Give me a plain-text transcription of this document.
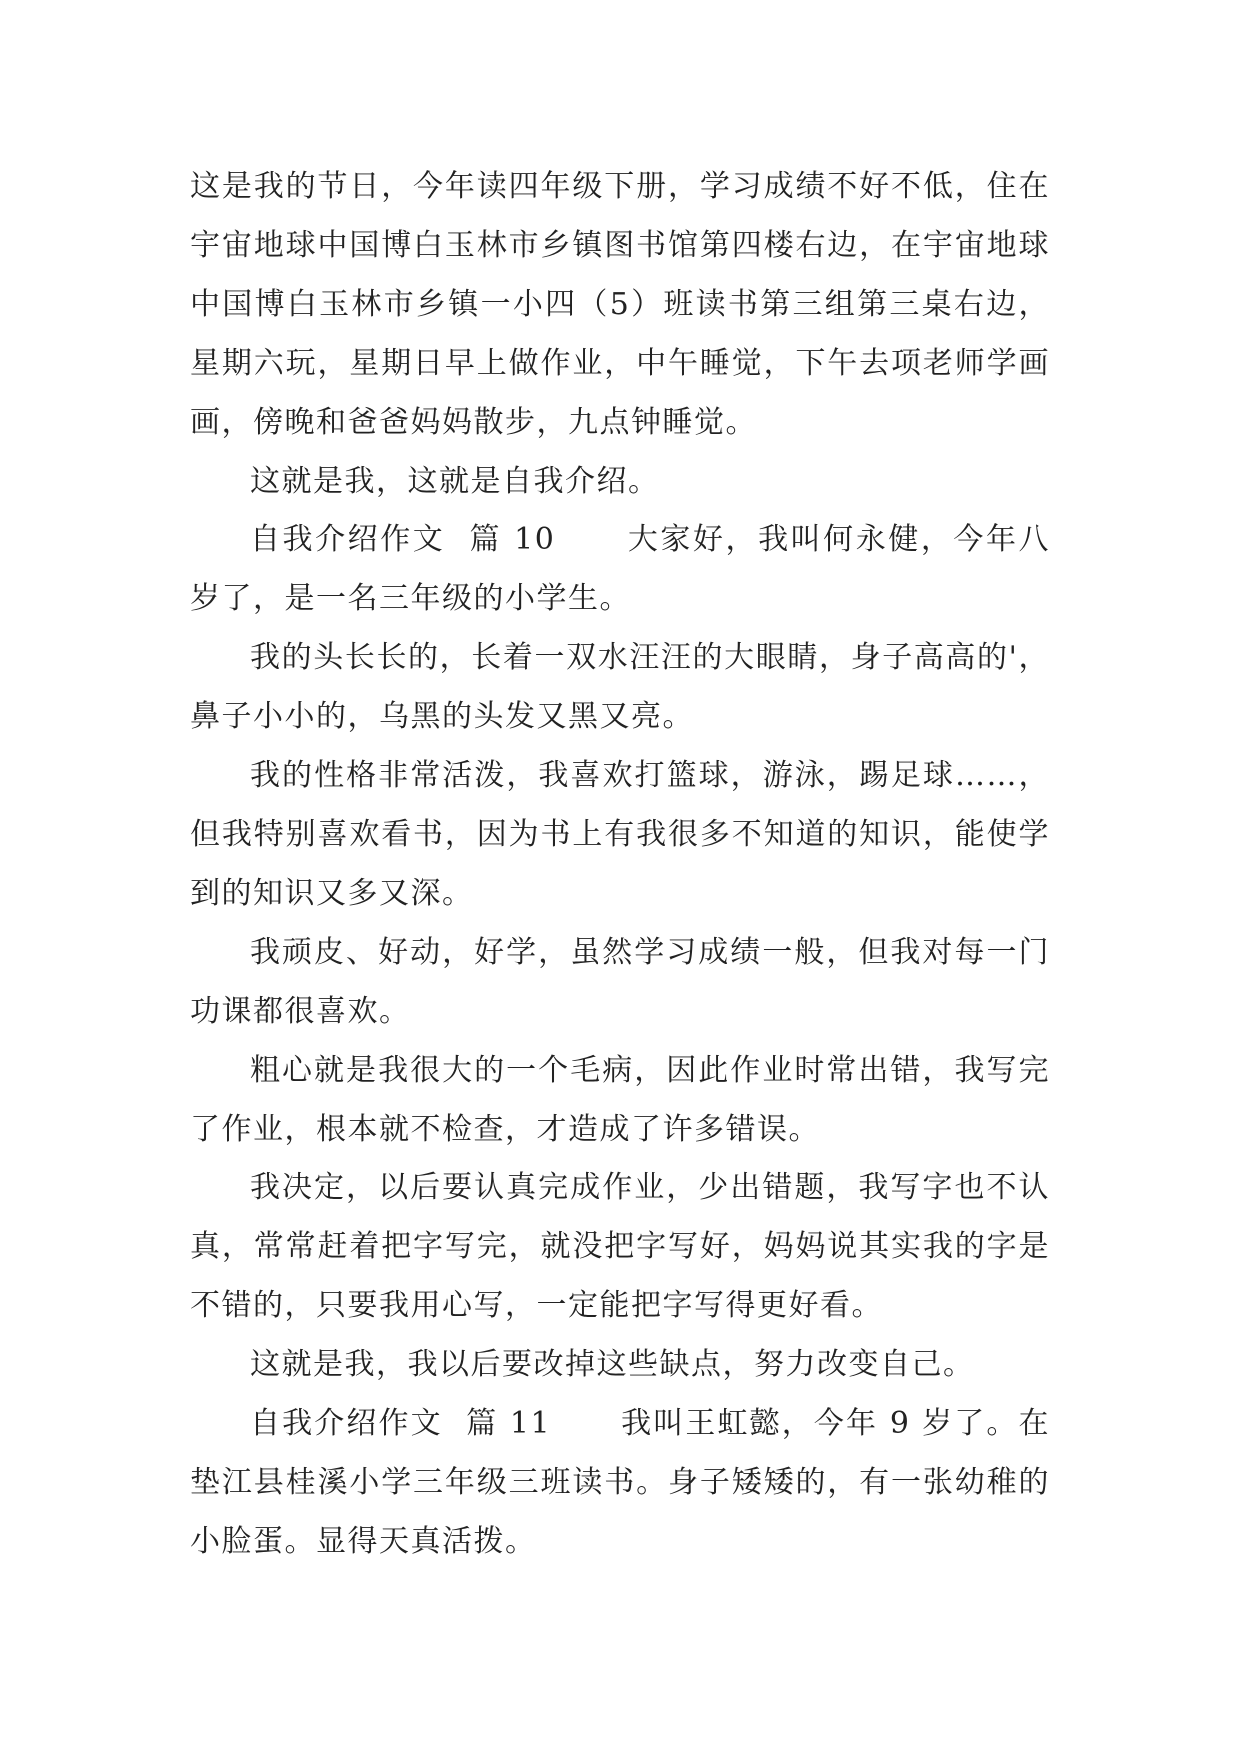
这是我的节日，今年读四年级下册，学习成绩不好不低，住在宇宙地球中国博白玉林市乡镇图书馆第四楼右边，在宇宙地球中国博白玉林市乡镇一小四（5）班读书第三组第三桌右边，星期六玩，星期日早上做作业，中午睡觉，下午去项老师学画画，傍晚和爸爸妈妈散步，九点钟睡觉。

这就是我，这就是自我介绍。

自我介绍作文  篇 10      大家好，我叫何永健，今年八岁了，是一名三年级的小学生。

我的头长长的，长着一双水汪汪的大眼睛，身子高高的'，鼻子小小的，乌黑的头发又黑又亮。

我的性格非常活泼，我喜欢打篮球，游泳，踢足球……，但我特别喜欢看书，因为书上有我很多不知道的知识，能使学到的知识又多又深。

我顽皮、好动，好学，虽然学习成绩一般，但我对每一门功课都很喜欢。

粗心就是我很大的一个毛病，因此作业时常出错，我写完了作业，根本就不检查，才造成了许多错误。

我决定，以后要认真完成作业，少出错题，我写字也不认真，常常赶着把字写完，就没把字写好，妈妈说其实我的字是不错的，只要我用心写，一定能把字写得更好看。

这就是我，我以后要改掉这些缺点，努力改变自己。

自我介绍作文  篇 11      我叫王虹懿，今年 9 岁了。在垫江县桂溪小学三年级三班读书。身子矮矮的，有一张幼稚的小脸蛋。显得天真活拨。
